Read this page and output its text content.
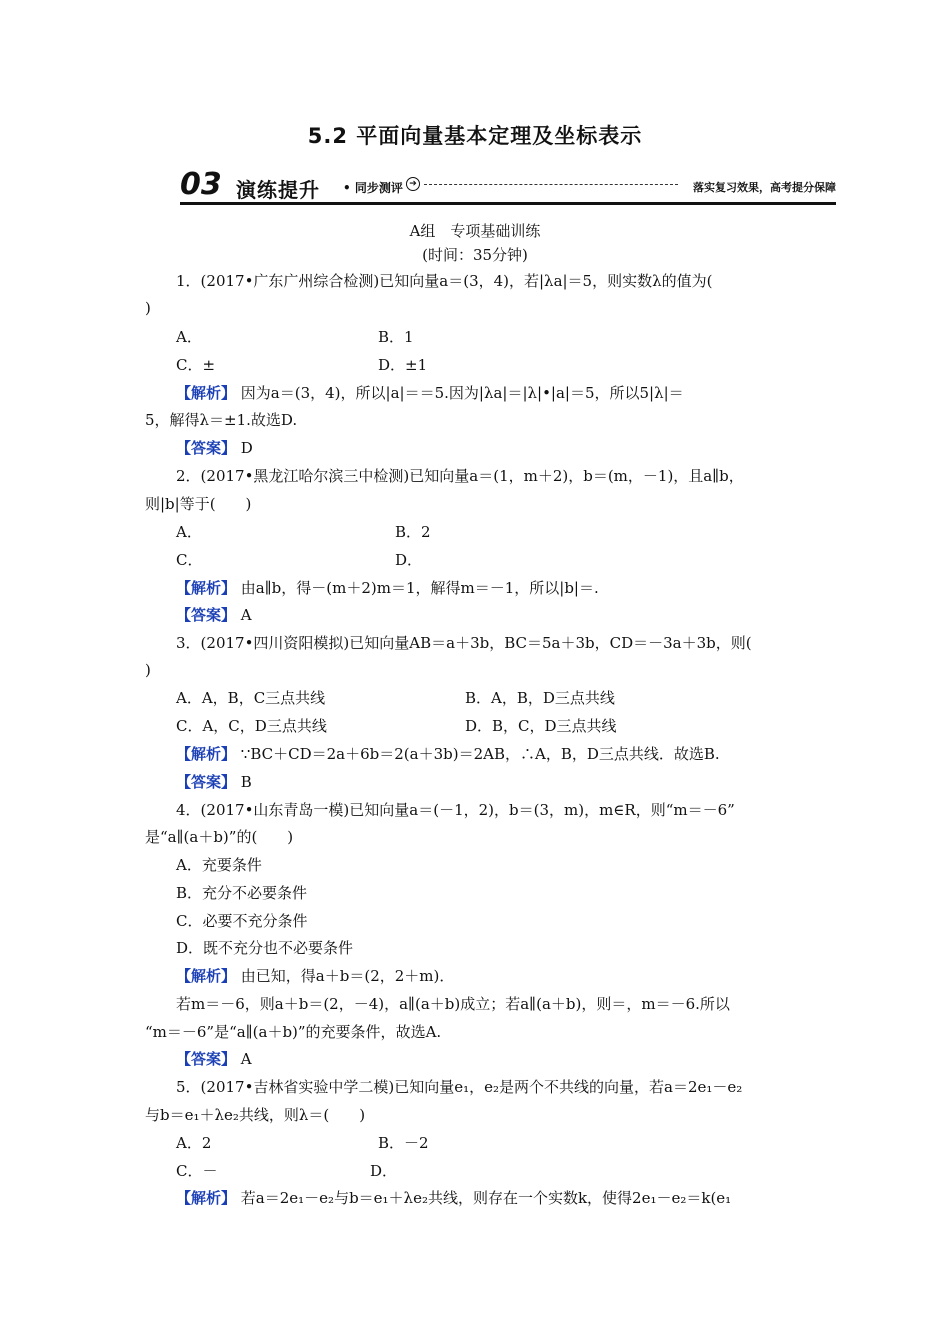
5.2 平面向量基本定理及坐标表示
03 演练提升 • 同步测评 ➔	落实复习效果，高考提分保障
A组　专项基础训练
(时间：35分钟)
1．(2017•广东广州综合检测)已知向量a＝(3，4)，若|λa|＝5，则实数λ的值为(
)
A．	B．1
C．±	D．±1
【解析】 因为a＝(3，4)，所以|a|＝＝5.因为|λa|＝|λ|•|a|＝5，所以5|λ|＝
5，解得λ＝±1.故选D.
【答案】 D
2．(2017•黑龙江哈尔滨三中检测)已知向量a＝(1，m＋2)，b＝(m，－1)，且a∥b，
则|b|等于(　　)
A．	B．2
C．	D．
【解析】 由a∥b，得－(m＋2)m＝1，解得m＝－1，所以|b|＝.
【答案】 A
3．(2017•四川资阳模拟)已知向量AB＝a＋3b，BC＝5a＋3b，CD＝－3a＋3b，则(
)
A．A，B，C三点共线	B．A，B，D三点共线
C．A，C，D三点共线	D．B，C，D三点共线
【解析】 ∵BC＋CD＝2a＋6b＝2(a＋3b)＝2AB，∴A，B，D三点共线．故选B.
【答案】 B
4．(2017•山东青岛一模)已知向量a＝(－1，2)，b＝(3，m)，m∈R，则“m＝－6”
是“a∥(a＋b)”的(　　)
A．充要条件
B．充分不必要条件
C．必要不充分条件
D．既不充分也不必要条件
【解析】 由已知，得a＋b＝(2，2＋m)．
若m＝－6，则a＋b＝(2，－4)，a∥(a＋b)成立；若a∥(a＋b)，则＝，m＝－6.所以
“m＝－6”是“a∥(a＋b)”的充要条件，故选A.
【答案】 A
5．(2017•吉林省实验中学二模)已知向量e₁，e₂是两个不共线的向量，若a＝2e₁－e₂
与b＝e₁＋λe₂共线，则λ＝(　　)
A．2	B．－2
C．－	D．
【解析】 若a＝2e₁－e₂与b＝e₁＋λe₂共线，则存在一个实数k，使得2e₁－e₂＝k(e₁
